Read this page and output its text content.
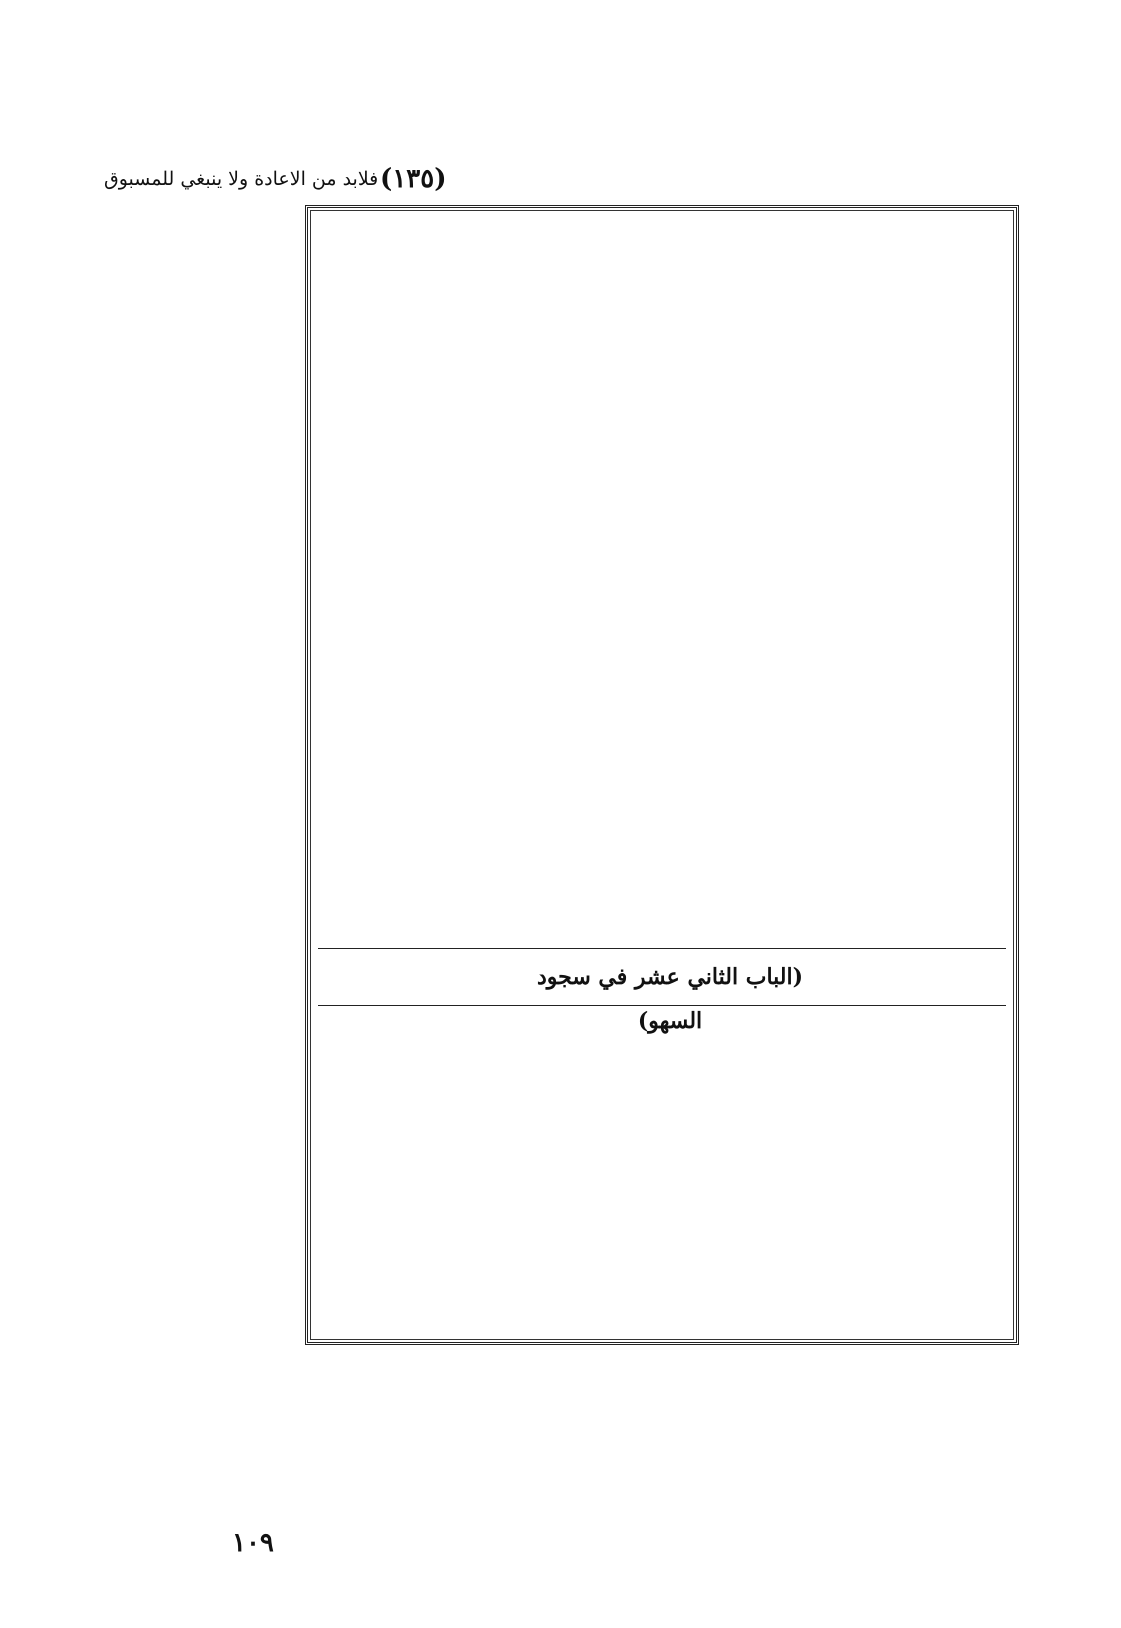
فلابد من الاعادة ولا ينبغي للمسبوق (١٣٥)
(الباب الثاني عشر في سجود السهو)
١٠٩
